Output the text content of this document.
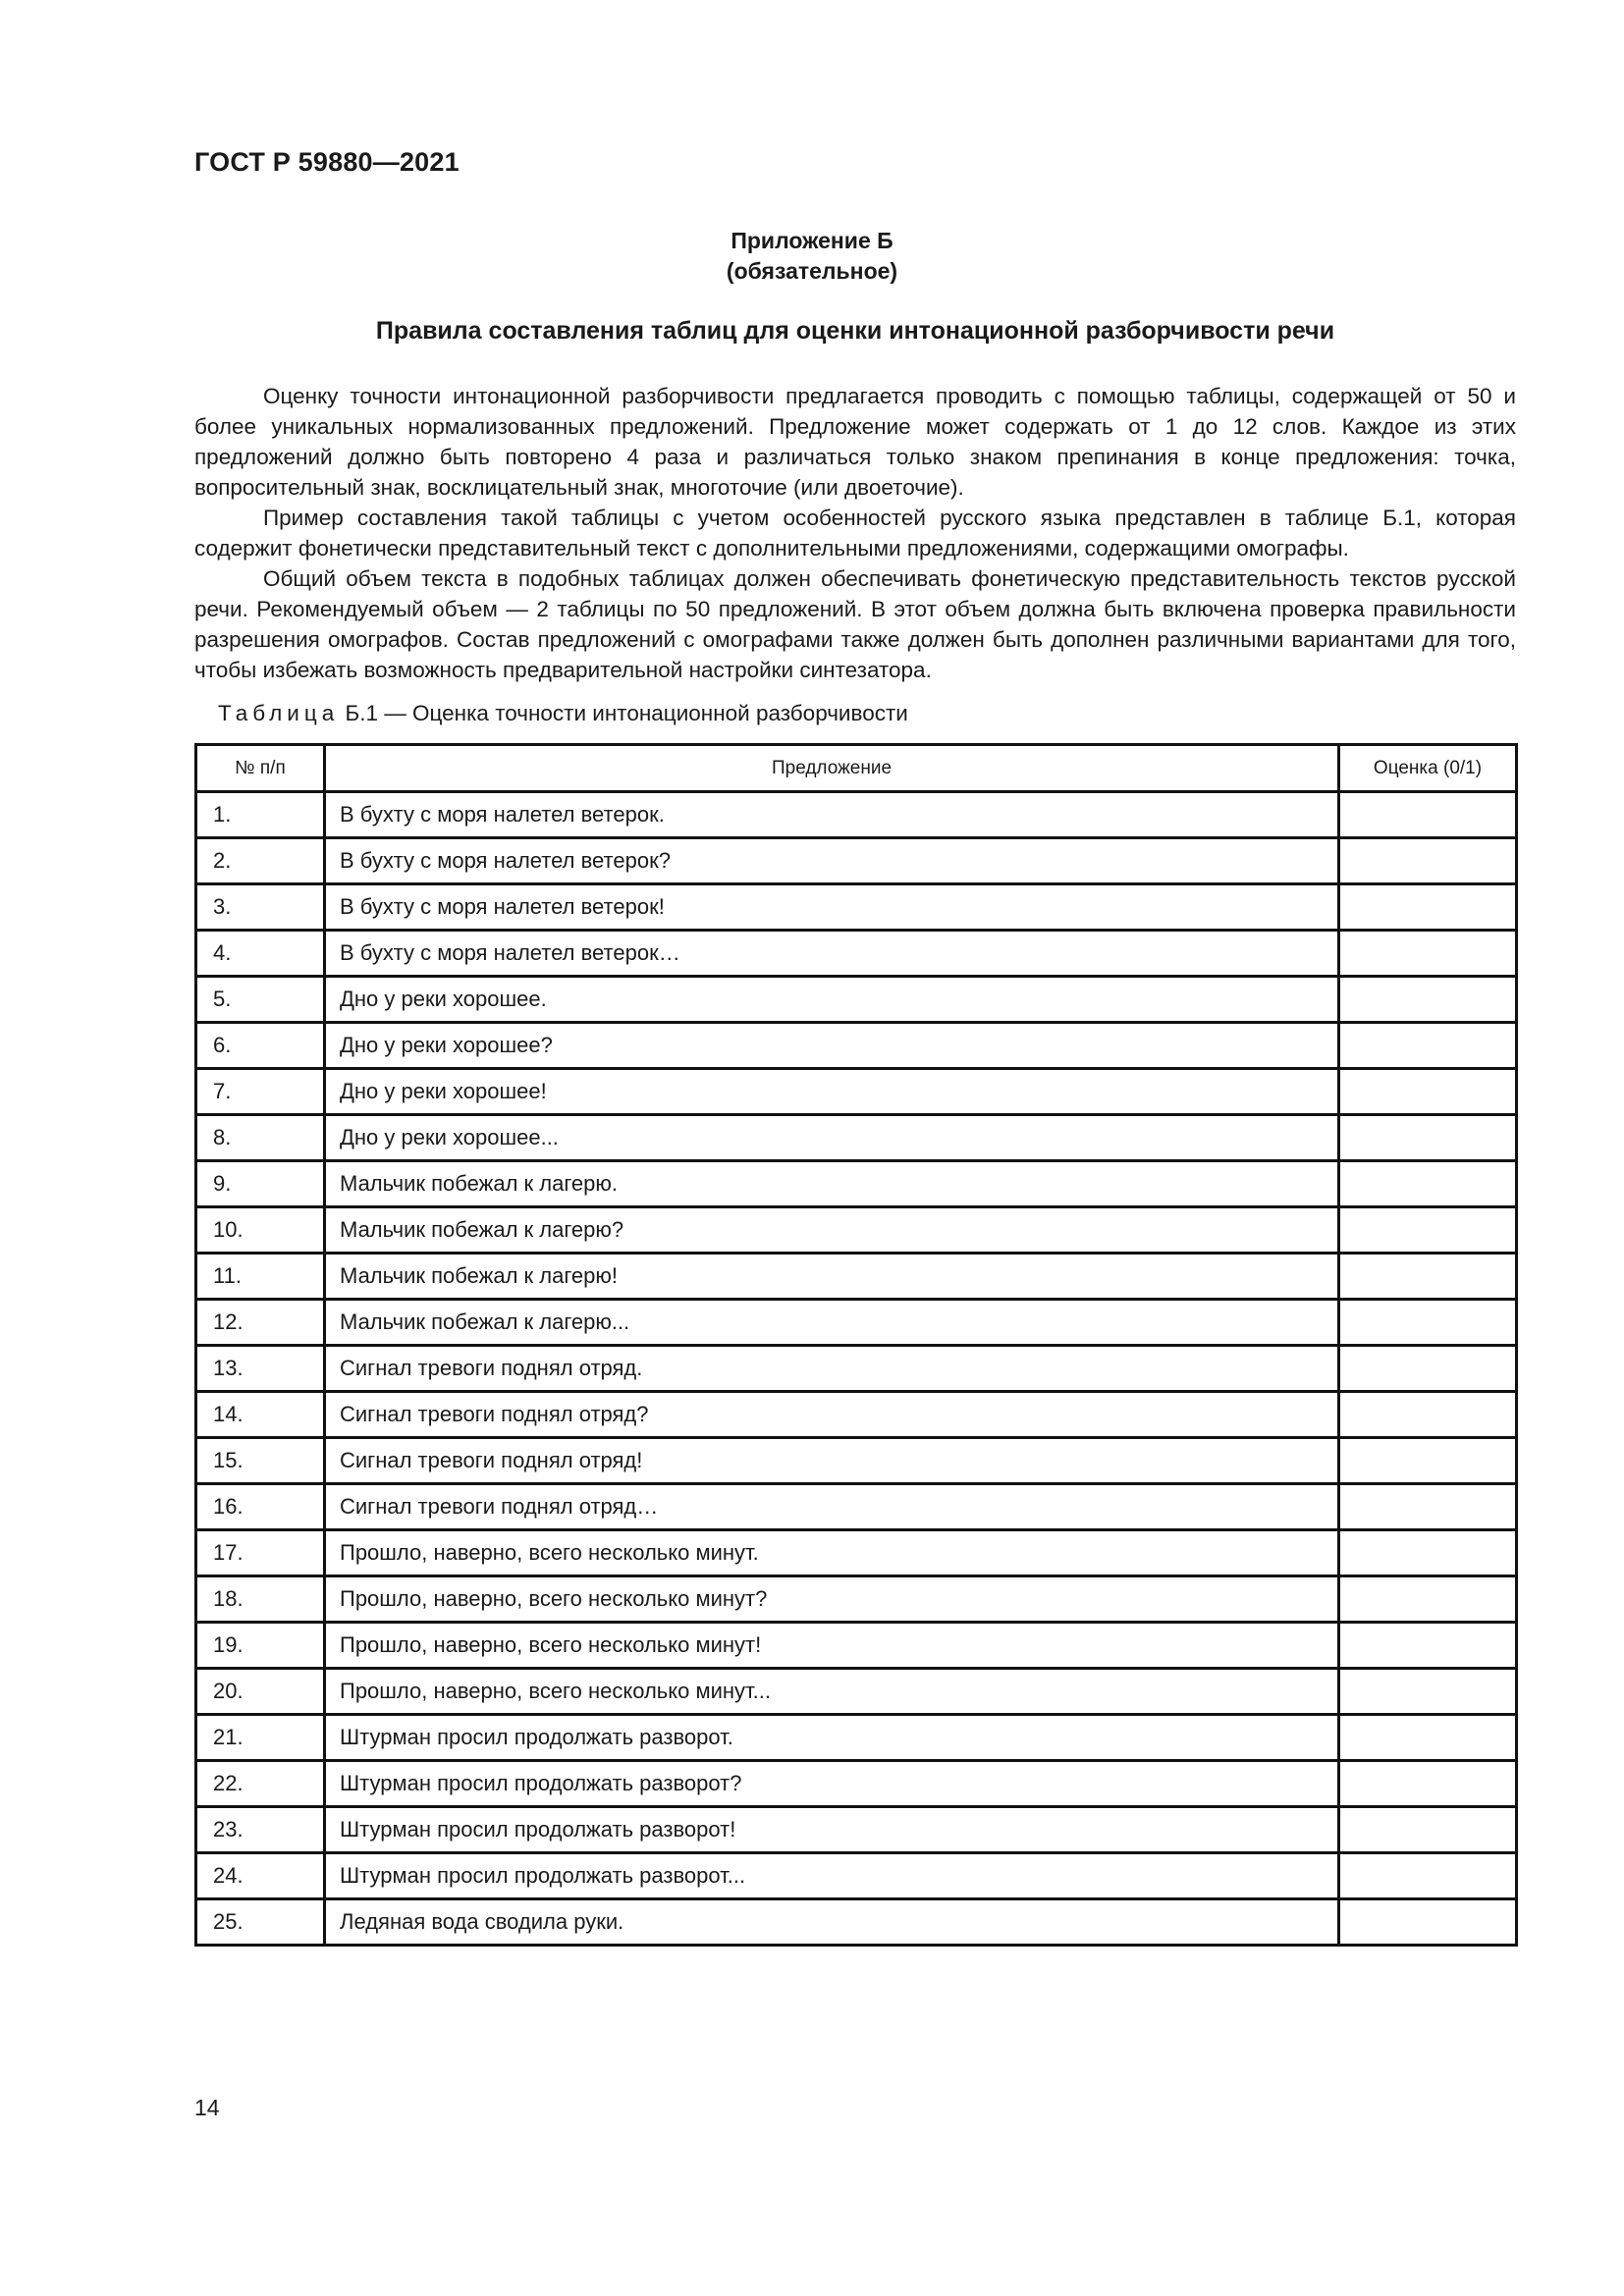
ГОСТ Р 59880—2021
Приложение Б
(обязательное)
Правила составления таблиц для оценки интонационной разборчивости речи

Оценку точности интонационной разборчивости предлагается проводить с помощью таблицы, содержащей от 50 и более уникальных нормализованных предложений. Предложение может содержать от 1 до 12 слов. Каждое из этих предложений должно быть повторено 4 раза и различаться только знаком препинания в конце предложения: точка, вопросительный знак, восклицательный знак, многоточие (или двоеточие).

Пример составления такой таблицы с учетом особенностей русского языка представлен в таблице Б.1, которая содержит фонетически представительный текст с дополнительными предложениями, содержащими омографы.

Общий объем текста в подобных таблицах должен обеспечивать фонетическую представительность текстов русской речи. Рекомендуемый объем — 2 таблицы по 50 предложений. В этот объем должна быть включена проверка правильности разрешения омографов. Состав предложений с омографами также должен быть дополнен различными вариантами для того, чтобы избежать возможность предварительной настройки синтезатора.

Таблица Б.1 — Оценка точности интонационной разборчивости
№ п/п	Предложение	Оценка (0/1)
1.	В бухту с моря налетел ветерок.	
2.	В бухту с моря налетел ветерок?	
3.	В бухту с моря налетел ветерок!	
4.	В бухту с моря налетел ветерок…	
5.	Дно у реки хорошее.	
6.	Дно у реки хорошее?	
7.	Дно у реки хорошее!	
8.	Дно у реки хорошее...	
9.	Мальчик побежал к лагерю.	
10.	Мальчик побежал к лагерю?	
11.	Мальчик побежал к лагерю!	
12.	Мальчик побежал к лагерю...	
13.	Сигнал тревоги поднял отряд.	
14.	Сигнал тревоги поднял отряд?	
15.	Сигнал тревоги поднял отряд!	
16.	Сигнал тревоги поднял отряд…	
17.	Прошло, наверно, всего несколько минут.	
18.	Прошло, наверно, всего несколько минут?	
19.	Прошло, наверно, всего несколько минут!	
20.	Прошло, наверно, всего несколько минут...	
21.	Штурман просил продолжать разворот.	
22.	Штурман просил продолжать разворот?	
23.	Штурман просил продолжать разворот!	
24.	Штурман просил продолжать разворот...	
25.	Ледяная вода сводила руки.	
14
